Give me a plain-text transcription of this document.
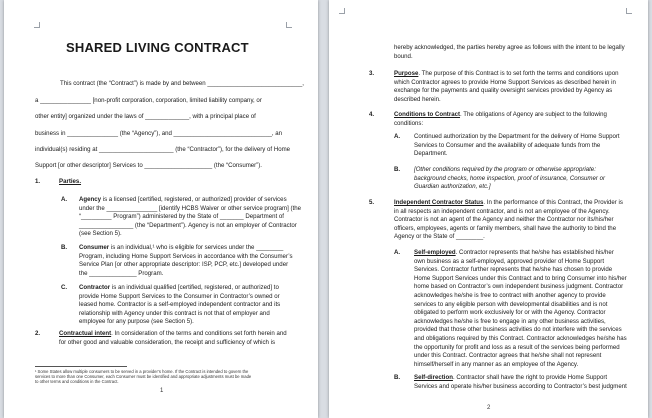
SHARED LIVING CONTRACT
This contract (the “Contract”) is made by and between ____________________________,
a _______________ [non-profit corporation, corporation, limited liability company, or
other entity] organized under the laws of _____________, with a principal place of
business in _______________ (the “Agency”), and _____________________________, an
individual(s) residing at ______________________ (the “Contractor”), for the delivery of Home
Support [or other descriptor] Services to ____________________ (the “Consumer”).
1.	Parties.
A. Agency is a licensed [certified, registered, or authorized] provider of services
under the _______________ [identify HCBS Waiver or other service program] (the
“_________ Program”) administered by the State of _______ Department of
________________ (the “Department”). Agency is not an employer of Contractor
(see Section 5).
B. Consumer is an individual,¹ who is eligible for services under the ________
Program, including Home Support Services in accordance with the Consumer’s
Service Plan [or other appropriate descriptor: ISP, PCP, etc.] developed under
the ______________ Program.
C. Contractor is an individual qualified [certified, registered, or authorized] to
provide Home Support Services to the Consumer in Contractor’s owned or
leased home. Contractor is a self-employed independent contractor and its
relationship with Agency under this contract is not that of employer and
employee for any purpose (see Section 5).
2.	Contractual intent. In consideration of the terms and conditions set forth herein and
for other good and valuable consideration, the receipt and sufficiency of which is
¹ Some States allow multiple consumers to be served in a provider’s home. If the Contract is intended to govern the
services to more than one Consumer, each Consumer must be identified and appropriate adjustments must be made
to other terms and conditions in the Contract.
1
hereby acknowledged, the parties hereby agree as follows with the intent to be legally
bound.
3.	Purpose. The purpose of this Contract is to set forth the terms and conditions upon
which Contractor agrees to provide Home Support Services as described herein in
exchange for the payments and quality oversight services provided by Agency as
described herein.
4.	Conditions to Contract. The obligations of Agency are subject to the following
conditions:
A. Continued authorization by the Department for the delivery of Home Support
Services to Consumer and the availability of adequate funds from the
Department.
B. [Other conditions required by the program or otherwise appropriate:
background checks, home inspection, proof of insurance, Consumer or
Guardian authorization, etc.]
5.	Independent Contractor Status. In the performance of this Contract, the Provider is
in all respects an independent contractor, and is not an employee of the Agency.
Contractor is not an agent of the Agency and neither the Contractor nor its/his/her
officers, employees, agents or family members, shall have the authority to bind the
Agency or the State of ________.
A. Self-employed. Contractor represents that he/she has established his/her
own business as a self-employed, approved provider of Home Support
Services. Contractor further represents that he/she has chosen to provide
Home Support Services under this Contract and to bring Consumer into his/her
home based on Contractor’s own independent business judgment. Contractor
acknowledges he/she is free to contract with another agency to provide
services to any eligible person with developmental disabilities and is not
obligated to perform work exclusively for or with the Agency. Contractor
acknowledges he/she is free to engage in any other business activities,
provided that those other business activities do not interfere with the services
and obligations required by this Contract. Contractor acknowledges he/she has
the opportunity for profit and loss as a result of the services being performed
under this Contract. Contractor agrees that he/she shall not represent
himself/herself in any manner as an employee of the Agency.
B. Self-direction. Contractor shall have the right to provide Home Support
Services and operate his/her business according to Contractor’s best judgment
2
